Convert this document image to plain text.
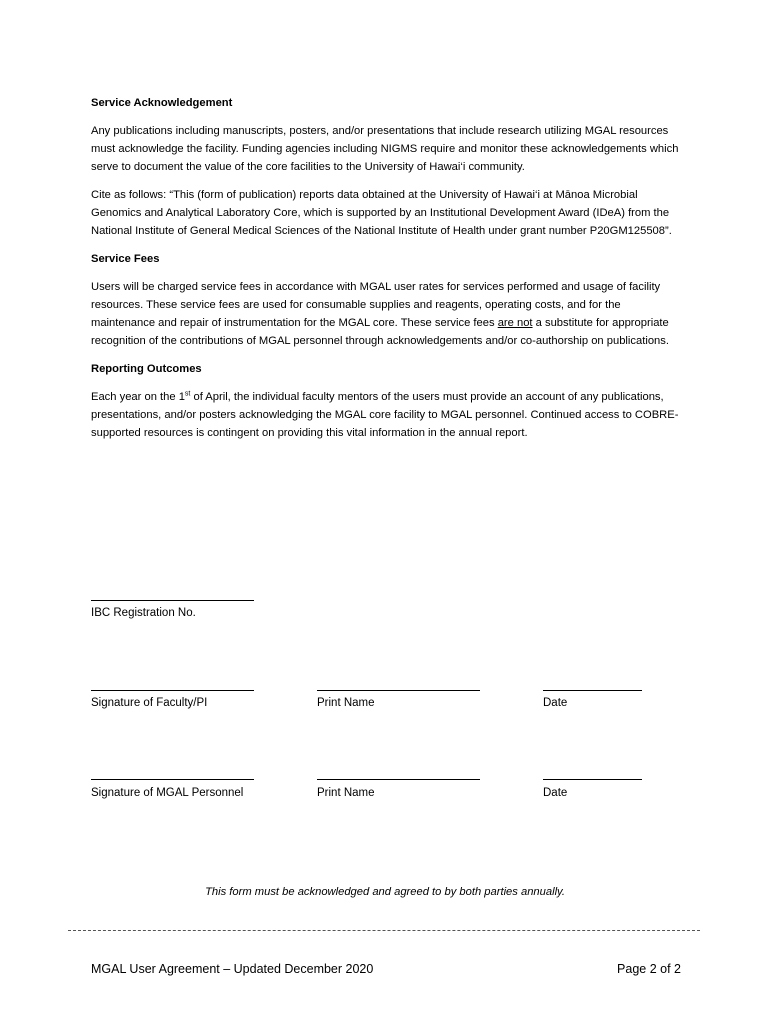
Service Acknowledgement

Any publications including manuscripts, posters, and/or presentations that include research utilizing MGAL resources must acknowledge the facility. Funding agencies including NIGMS require and monitor these acknowledgements which serve to document the value of the core facilities to the University of Hawai‘i community.

Cite as follows: “This (form of publication) reports data obtained at the University of Hawai‘i at Mānoa Microbial Genomics and Analytical Laboratory Core, which is supported by an Institutional Development Award (IDeA) from the National Institute of General Medical Sciences of the National Institute of Health under grant number P20GM125508”.

Service Fees

Users will be charged service fees in accordance with MGAL user rates for services performed and usage of facility resources. These service fees are used for consumable supplies and reagents, operating costs, and for the maintenance and repair of instrumentation for the MGAL core. These service fees are not a substitute for appropriate recognition of the contributions of MGAL personnel through acknowledgements and/or co-authorship on publications.

Reporting Outcomes

Each year on the 1st of April, the individual faculty mentors of the users must provide an account of any publications, presentations, and/or posters acknowledging the MGAL core facility to MGAL personnel. Continued access to COBRE-supported resources is contingent on providing this vital information in the annual report.

IBC Registration No.
Signature of Faculty/PI	Print Name	Date
Signature of MGAL Personnel	Print Name	Date
This form must be acknowledged and agreed to by both parties annually.
MGAL User Agreement – Updated December 2020	Page 2 of 2
